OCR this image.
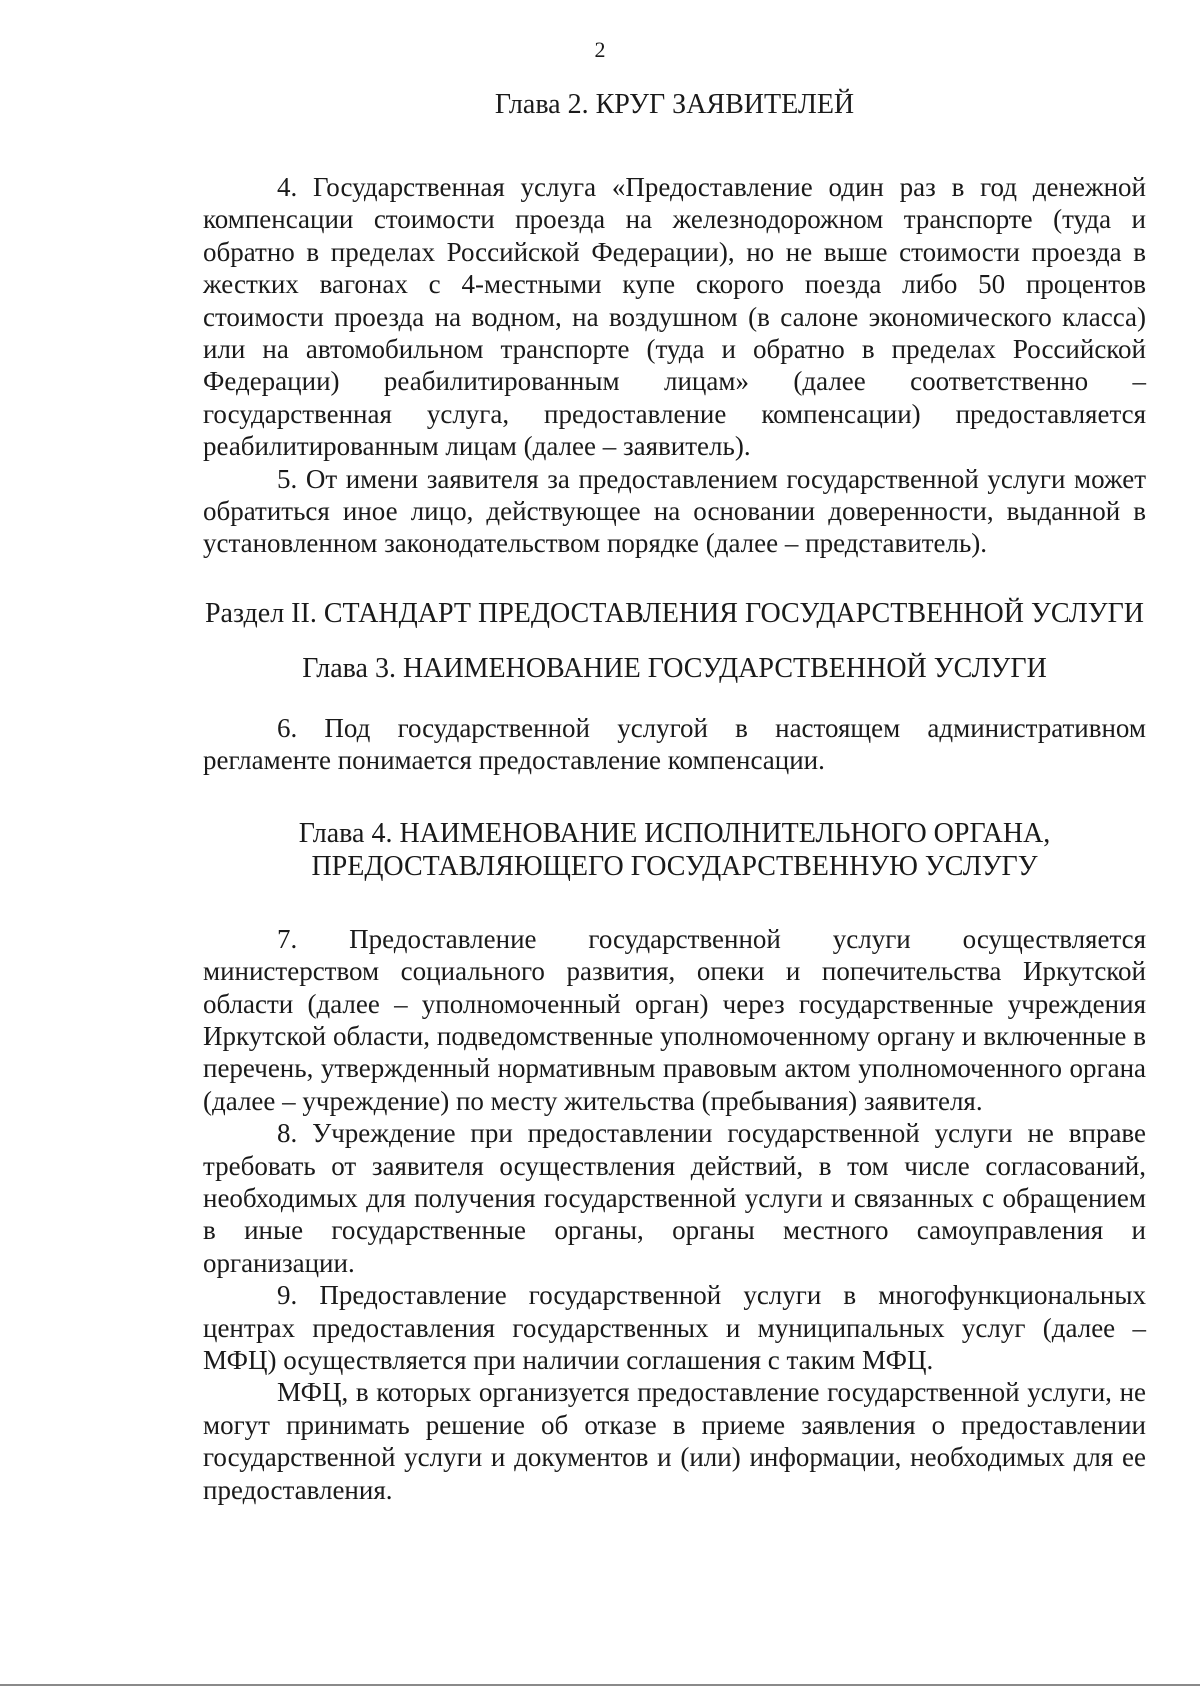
2
Глава 2. КРУГ ЗАЯВИТЕЛЕЙ

4. Государственная услуга «Предоставление один раз в год денежной компенсации стоимости проезда на железнодорожном транспорте (туда и обратно в пределах Российской Федерации), но не выше стоимости проезда в жестких вагонах с 4-местными купе скорого поезда либо 50 процентов стоимости проезда на водном, на воздушном (в салоне экономического класса) или на автомобильном транспорте (туда и обратно в пределах Российской Федерации) реабилитированным лицам» (далее соответственно – государственная услуга, предоставление компенсации) предоставляется реабилитированным лицам (далее – заявитель).

5. От имени заявителя за предоставлением государственной услуги может обратиться иное лицо, действующее на основании доверенности, выданной в установленном законодательством порядке (далее – представитель).

Раздел II. СТАНДАРТ ПРЕДОСТАВЛЕНИЯ ГОСУДАРСТВЕННОЙ УСЛУГИ
Глава 3. НАИМЕНОВАНИЕ ГОСУДАРСТВЕННОЙ УСЛУГИ

6. Под государственной услугой в настоящем административном регламенте понимается предоставление компенсации.

Глава 4. НАИМЕНОВАНИЕ ИСПОЛНИТЕЛЬНОГО ОРГАНА, ПРЕДОСТАВЛЯЮЩЕГО ГОСУДАРСТВЕННУЮ УСЛУГУ

7. Предоставление государственной услуги осуществляется министерством социального развития, опеки и попечительства Иркутской области (далее – уполномоченный орган) через государственные учреждения Иркутской области, подведомственные уполномоченному органу и включенные в перечень, утвержденный нормативным правовым актом уполномоченного органа (далее – учреждение) по месту жительства (пребывания) заявителя.

8. Учреждение при предоставлении государственной услуги не вправе требовать от заявителя осуществления действий, в том числе согласований, необходимых для получения государственной услуги и связанных с обращением в иные государственные органы, органы местного самоуправления и организации.

9. Предоставление государственной услуги в многофункциональных центрах предоставления государственных и муниципальных услуг (далее – МФЦ) осуществляется при наличии соглашения с таким МФЦ.

МФЦ, в которых организуется предоставление государственной услуги, не могут принимать решение об отказе в приеме заявления о предоставлении государственной услуги и документов и (или) информации, необходимых для ее предоставления.
